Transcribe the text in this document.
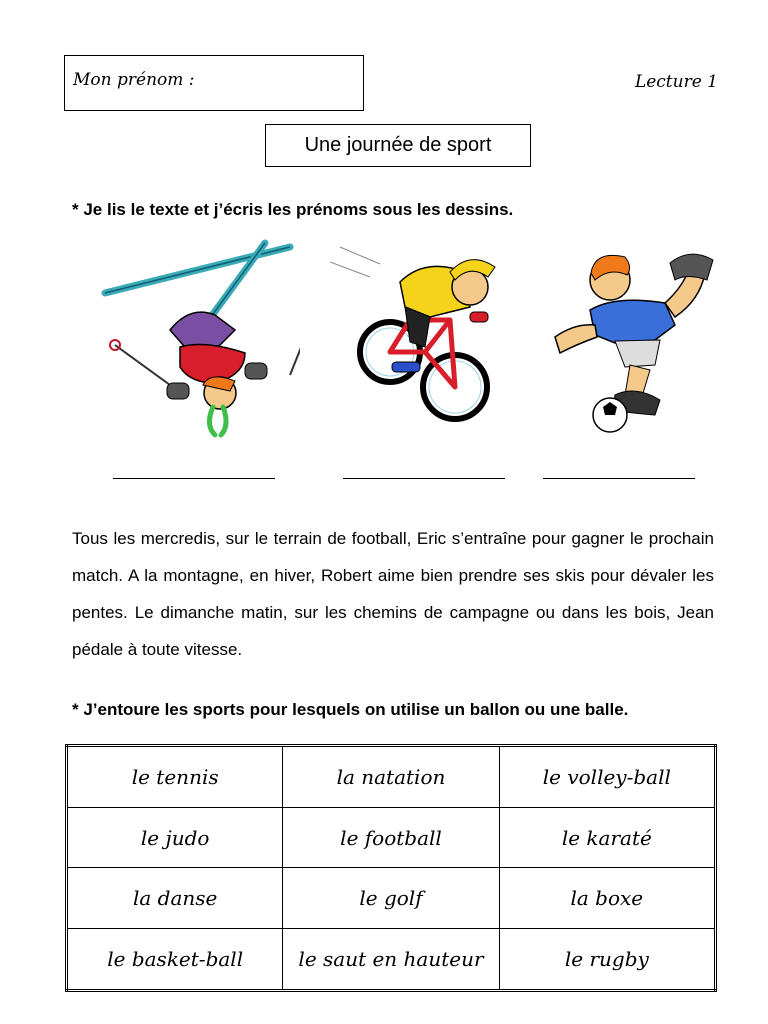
Mon prénom :	Lecture 1
Une journée de sport
* Je lis le texte et j’écris les prénoms sous les dessins.

Tous les mercredis, sur le terrain de football, Eric s’entraîne pour gagner le prochain match. A la montagne, en hiver, Robert aime bien prendre ses skis pour dévaler les pentes. Le dimanche matin, sur les chemins de campagne ou dans les bois, Jean pédale à toute vitesse.

* J’entoure les sports pour lesquels on utilise un ballon ou une balle.
le tennis	la natation	le volley-ball
le judo	le football	le karaté
la danse	le golf	la boxe
le basket-ball	le saut en hauteur	le rugby
